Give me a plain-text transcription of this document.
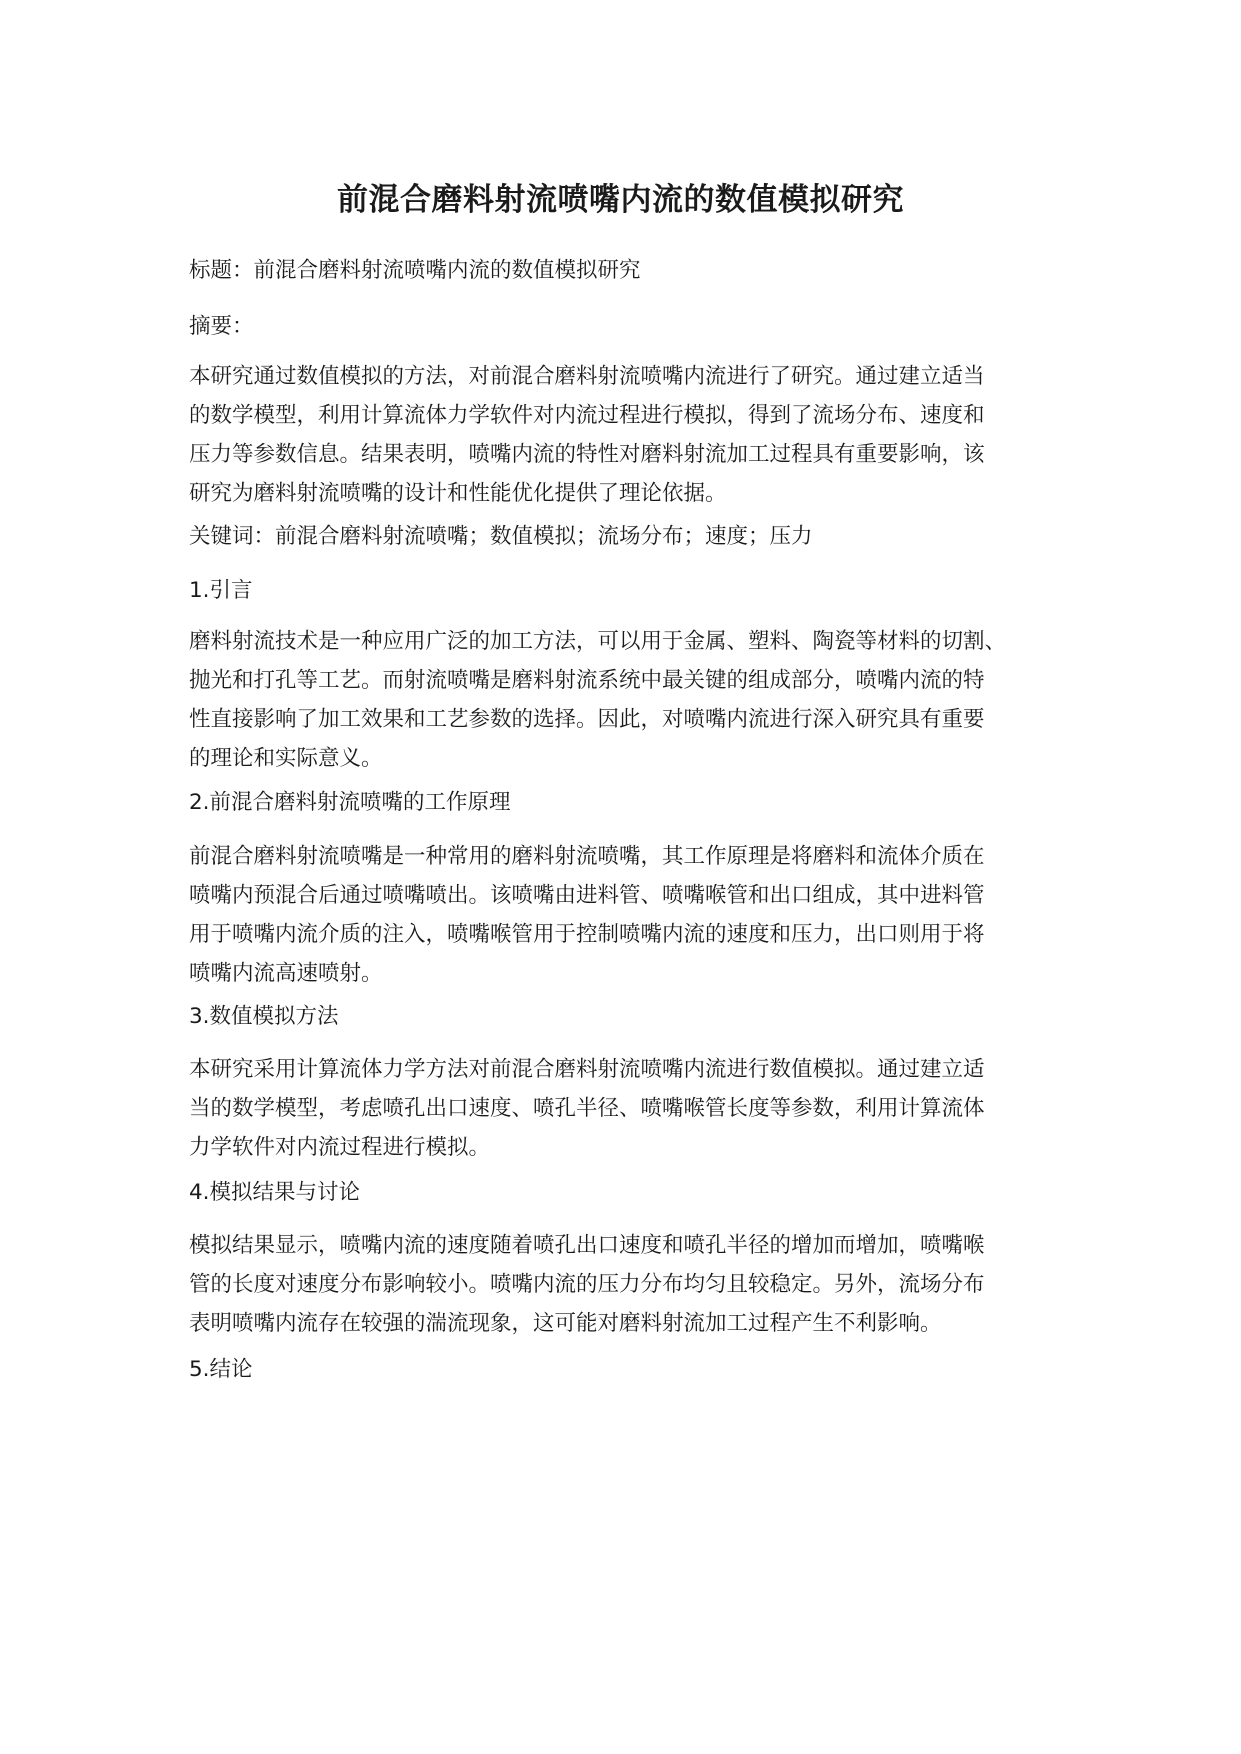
前混合磨料射流喷嘴内流的数值模拟研究

标题：前混合磨料射流喷嘴内流的数值模拟研究

摘要：

本研究通过数值模拟的方法，对前混合磨料射流喷嘴内流进行了研究。通过建立适当
的数学模型，利用计算流体力学软件对内流过程进行模拟，得到了流场分布、速度和
压力等参数信息。结果表明，喷嘴内流的特性对磨料射流加工过程具有重要影响，该
研究为磨料射流喷嘴的设计和性能优化提供了理论依据。

关键词：前混合磨料射流喷嘴；数值模拟；流场分布；速度；压力

1.引言

磨料射流技术是一种应用广泛的加工方法，可以用于金属、塑料、陶瓷等材料的切割、
抛光和打孔等工艺。而射流喷嘴是磨料射流系统中最关键的组成部分，喷嘴内流的特
性直接影响了加工效果和工艺参数的选择。因此，对喷嘴内流进行深入研究具有重要
的理论和实际意义。

2.前混合磨料射流喷嘴的工作原理

前混合磨料射流喷嘴是一种常用的磨料射流喷嘴，其工作原理是将磨料和流体介质在
喷嘴内预混合后通过喷嘴喷出。该喷嘴由进料管、喷嘴喉管和出口组成，其中进料管
用于喷嘴内流介质的注入，喷嘴喉管用于控制喷嘴内流的速度和压力，出口则用于将
喷嘴内流高速喷射。

3.数值模拟方法

本研究采用计算流体力学方法对前混合磨料射流喷嘴内流进行数值模拟。通过建立适
当的数学模型，考虑喷孔出口速度、喷孔半径、喷嘴喉管长度等参数，利用计算流体
力学软件对内流过程进行模拟。

4.模拟结果与讨论

模拟结果显示，喷嘴内流的速度随着喷孔出口速度和喷孔半径的增加而增加，喷嘴喉
管的长度对速度分布影响较小。喷嘴内流的压力分布均匀且较稳定。另外，流场分布
表明喷嘴内流存在较强的湍流现象，这可能对磨料射流加工过程产生不利影响。

5.结论
